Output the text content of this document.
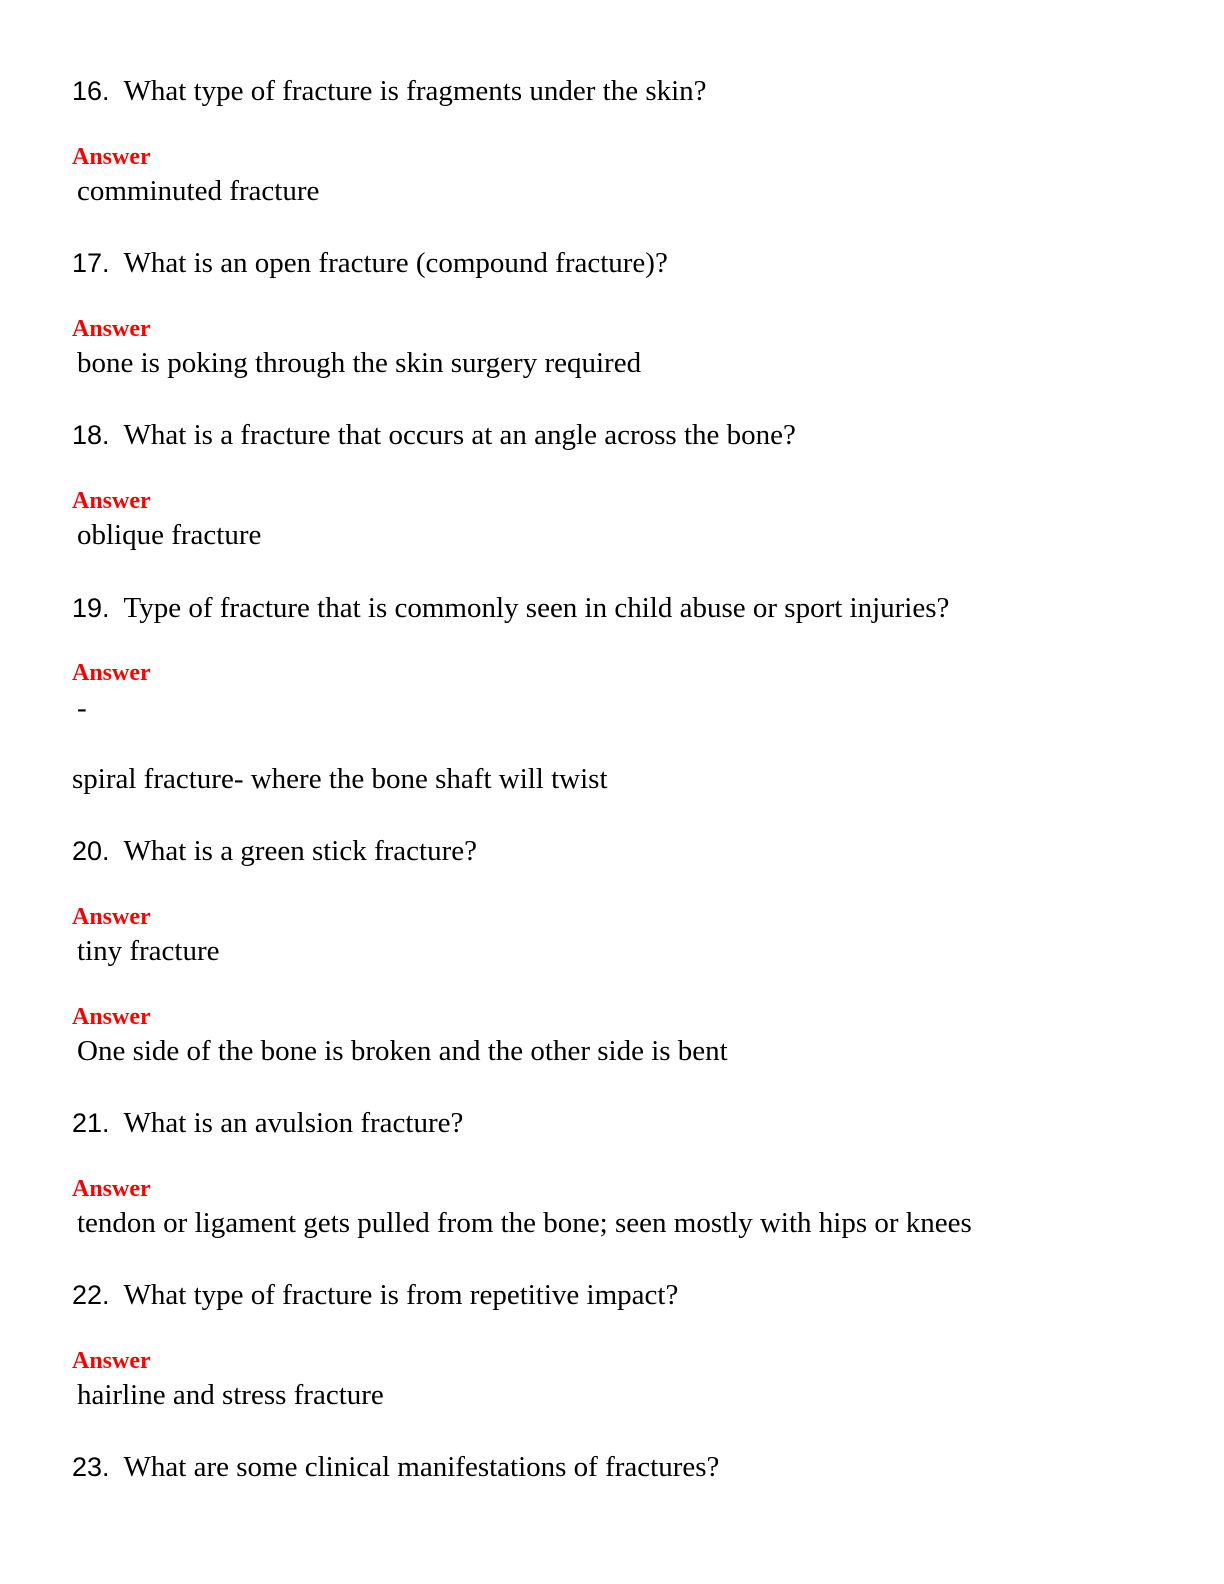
16. What type of fracture is fragments under the skin?
Answer
comminuted fracture
17. What is an open fracture (compound fracture)?
Answer
bone is poking through the skin surgery required
18. What is a fracture that occurs at an angle across the bone?
Answer
oblique fracture
19. Type of fracture that is commonly seen in child abuse or sport injuries?
Answer
-
spiral fracture- where the bone shaft will twist
20. What is a green stick fracture?
Answer
tiny fracture
Answer
One side of the bone is broken and the other side is bent
21. What is an avulsion fracture?
Answer
tendon or ligament gets pulled from the bone; seen mostly with hips or knees
22. What type of fracture is from repetitive impact?
Answer
hairline and stress fracture
23. What are some clinical manifestations of fractures?
